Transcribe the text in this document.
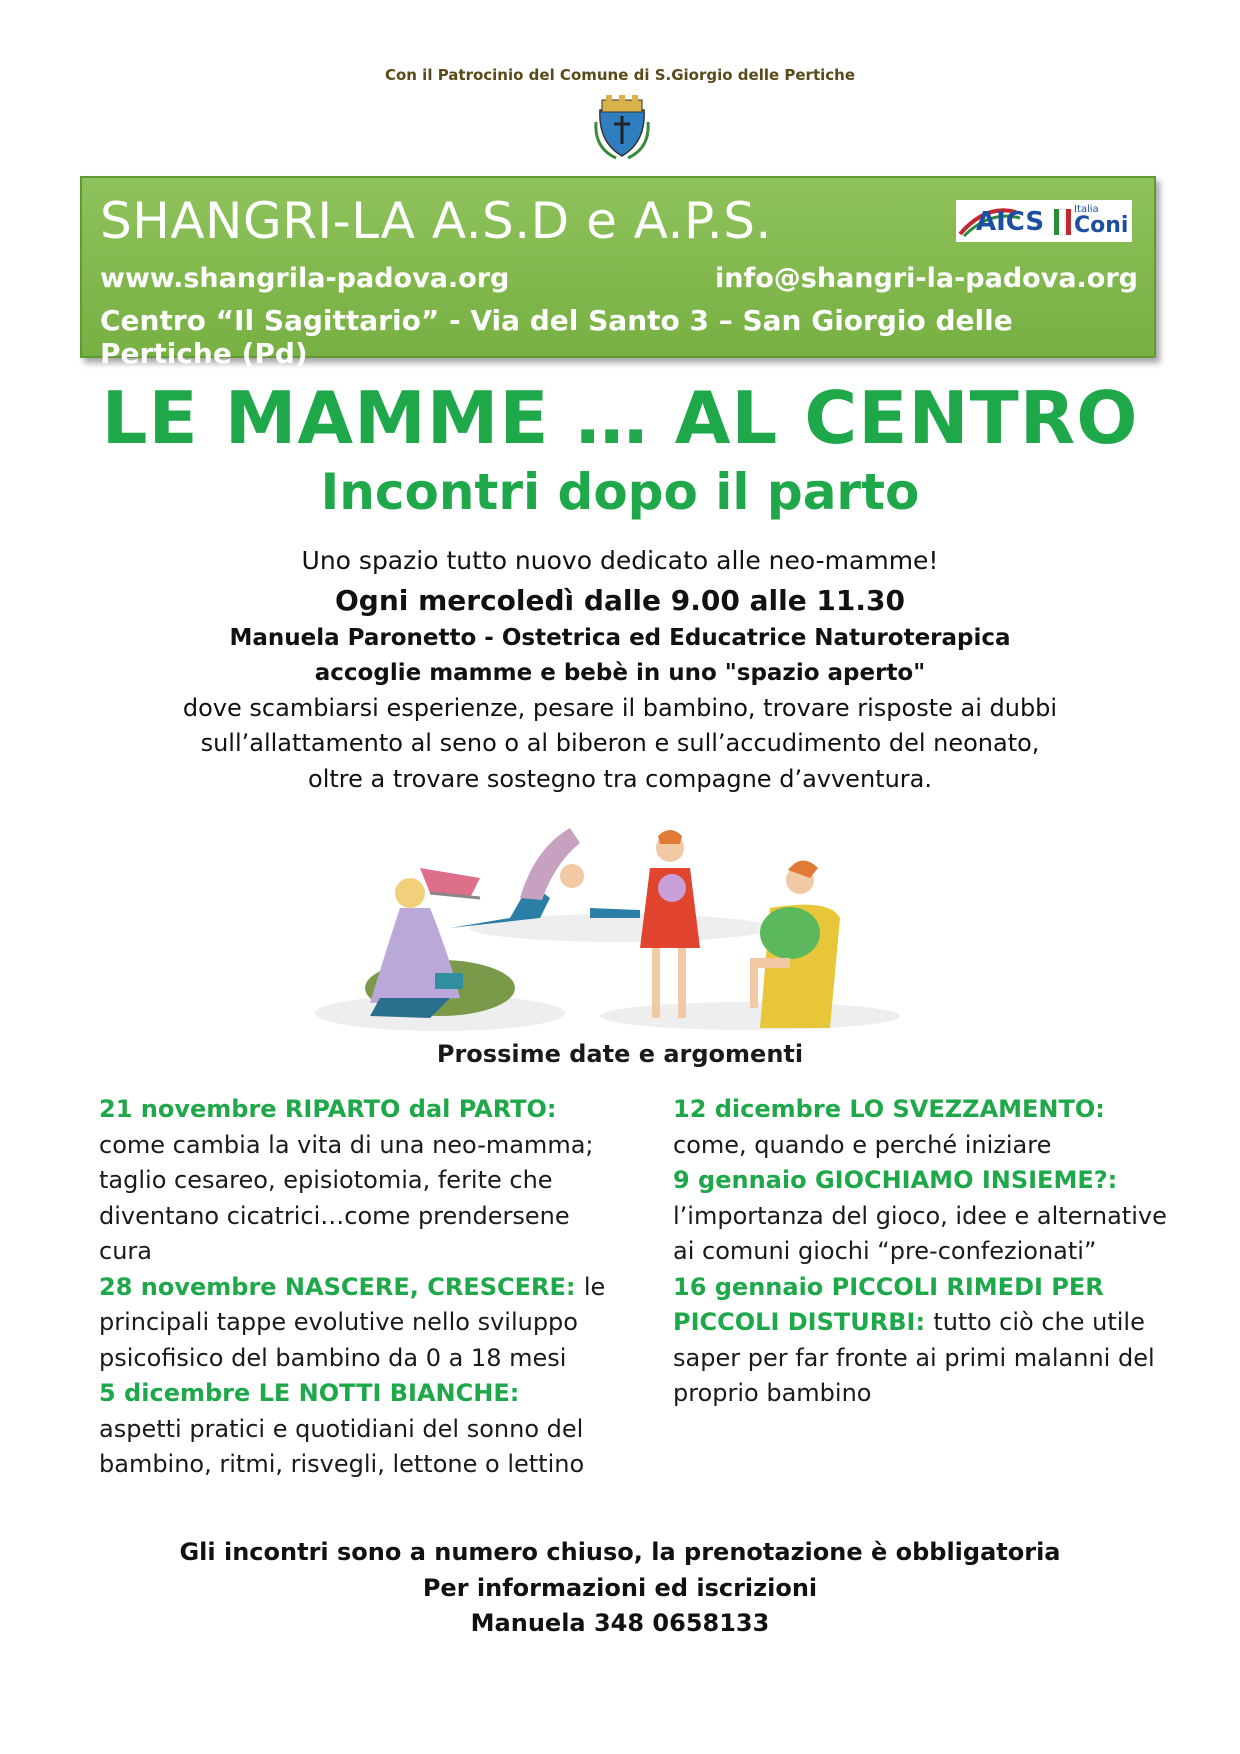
Con il Patrocinio del Comune di S.Giorgio delle Pertiche
SHANGRI-LA A.S.D e A.P.S.	AICS	Italia
Coni
www.shangrila-padova.org	info@shangri-la-padova.org
Centro “Il Sagittario” - Via del Santo 3 – San Giorgio delle Pertiche (Pd)
LE MAMME … AL CENTRO
Incontri dopo il parto
Uno spazio tutto nuovo dedicato alle neo-mamme!
Ogni mercoledì dalle 9.00 alle 11.30
Manuela Paronetto - Ostetrica ed Educatrice Naturoterapica
accoglie mamme e bebè in uno "spazio aperto"
dove scambiarsi esperienze, pesare il bambino, trovare risposte ai dubbi
sull’allattamento al seno o al biberon e sull’accudimento del neonato,
oltre a trovare sostegno tra compagne d’avventura.
Prossime date e argomenti
21 novembre RIPARTO dal PARTO: come cambia la vita di una neo-mamma; taglio cesareo, episiotomia, ferite che diventano cicatrici…come prendersene cura
28 novembre NASCERE, CRESCERE: le principali tappe evolutive nello sviluppo psicofisico del bambino da 0 a 18 mesi
5 dicembre LE NOTTI BIANCHE: aspetti pratici e quotidiani del sonno del bambino, ritmi, risvegli, lettone o lettino
12 dicembre LO SVEZZAMENTO: come, quando e perché iniziare
9 gennaio GIOCHIAMO INSIEME?: l’importanza del gioco, idee e alternative ai comuni giochi “pre-confezionati”
16 gennaio PICCOLI RIMEDI PER PICCOLI DISTURBI: tutto ciò che utile saper per far fronte ai primi malanni del proprio bambino
Gli incontri sono a numero chiuso, la prenotazione è obbligatoria
Per informazioni ed iscrizioni
Manuela 348 0658133
